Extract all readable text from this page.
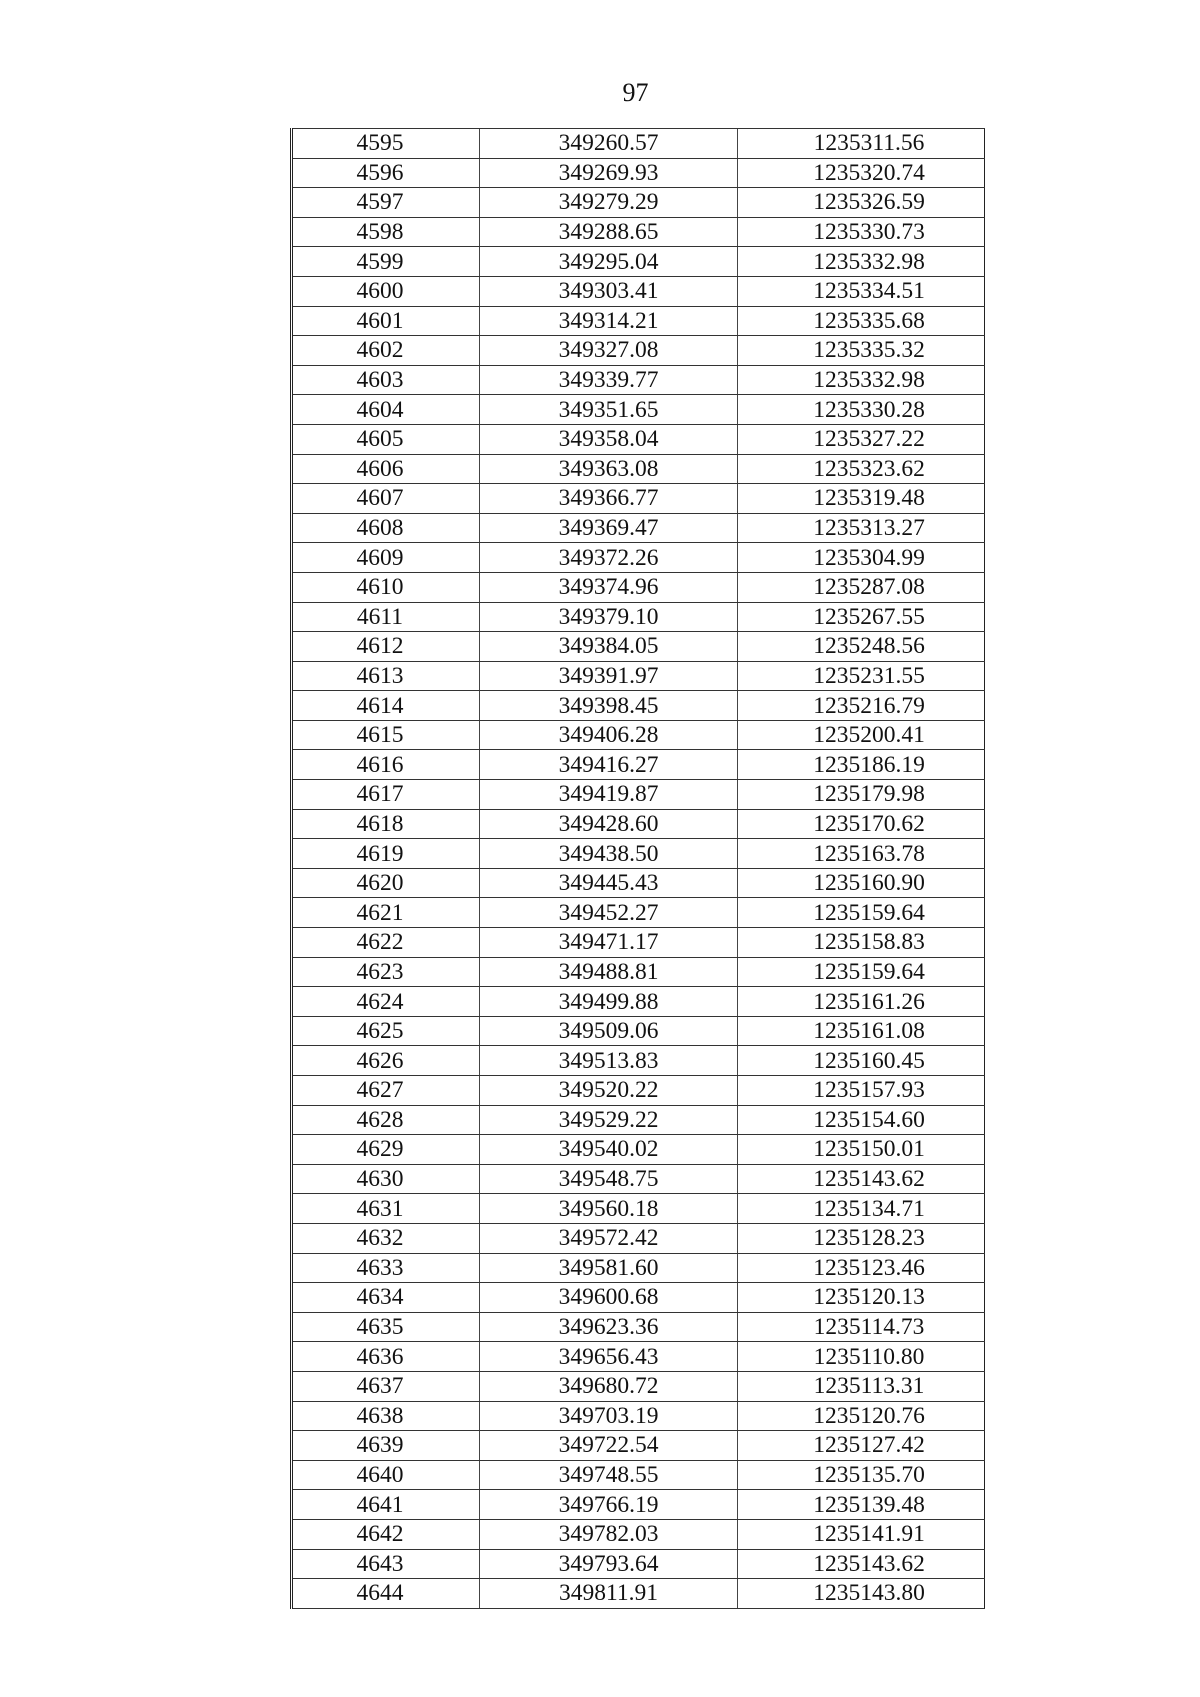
97
4595	349260.57	1235311.56
4596	349269.93	1235320.74
4597	349279.29	1235326.59
4598	349288.65	1235330.73
4599	349295.04	1235332.98
4600	349303.41	1235334.51
4601	349314.21	1235335.68
4602	349327.08	1235335.32
4603	349339.77	1235332.98
4604	349351.65	1235330.28
4605	349358.04	1235327.22
4606	349363.08	1235323.62
4607	349366.77	1235319.48
4608	349369.47	1235313.27
4609	349372.26	1235304.99
4610	349374.96	1235287.08
4611	349379.10	1235267.55
4612	349384.05	1235248.56
4613	349391.97	1235231.55
4614	349398.45	1235216.79
4615	349406.28	1235200.41
4616	349416.27	1235186.19
4617	349419.87	1235179.98
4618	349428.60	1235170.62
4619	349438.50	1235163.78
4620	349445.43	1235160.90
4621	349452.27	1235159.64
4622	349471.17	1235158.83
4623	349488.81	1235159.64
4624	349499.88	1235161.26
4625	349509.06	1235161.08
4626	349513.83	1235160.45
4627	349520.22	1235157.93
4628	349529.22	1235154.60
4629	349540.02	1235150.01
4630	349548.75	1235143.62
4631	349560.18	1235134.71
4632	349572.42	1235128.23
4633	349581.60	1235123.46
4634	349600.68	1235120.13
4635	349623.36	1235114.73
4636	349656.43	1235110.80
4637	349680.72	1235113.31
4638	349703.19	1235120.76
4639	349722.54	1235127.42
4640	349748.55	1235135.70
4641	349766.19	1235139.48
4642	349782.03	1235141.91
4643	349793.64	1235143.62
4644	349811.91	1235143.80
